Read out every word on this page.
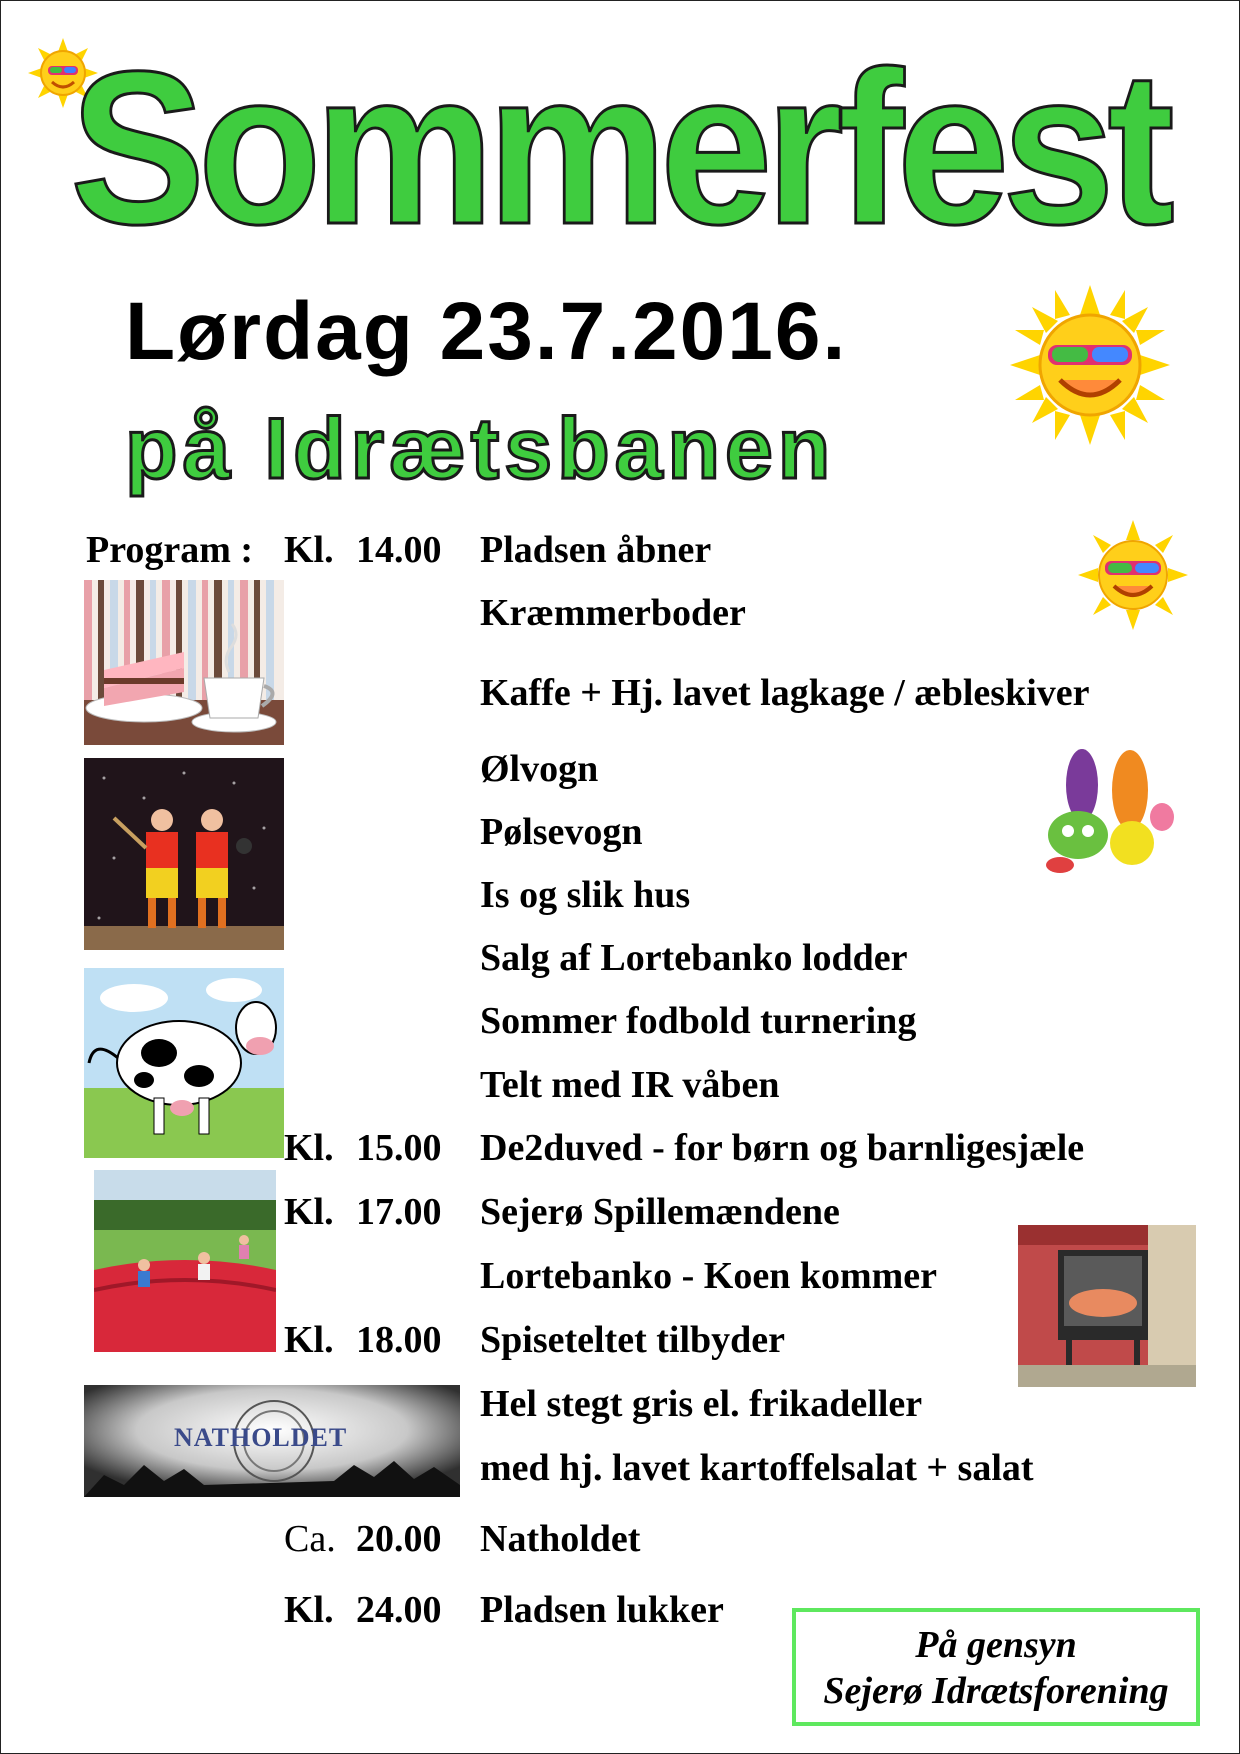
Sommerfest
Lørdag 23.7.2016.
på Idrætsbanen
NATHOLDET
Program : Kl. 14.00 Pladsen åbner
Kræmmerboder
Kaffe + Hj. lavet lagkage / æbleskiver
Ølvogn
Pølsevogn
Is og slik hus
Salg af Lortebanko lodder
Sommer fodbold turnering
Telt med IR våben
Kl. 15.00 De2duved - for børn og barnligesjæle
Kl. 17.00 Sejerø Spillemændene
Lortebanko - Koen kommer
Kl. 18.00 Spiseteltet tilbyder
Hel stegt gris el. frikadeller
med hj. lavet kartoffelsalat + salat
Ca. 20.00 Natholdet
Kl. 24.00 Pladsen lukker
På gensyn
Sejerø Idrætsforening
